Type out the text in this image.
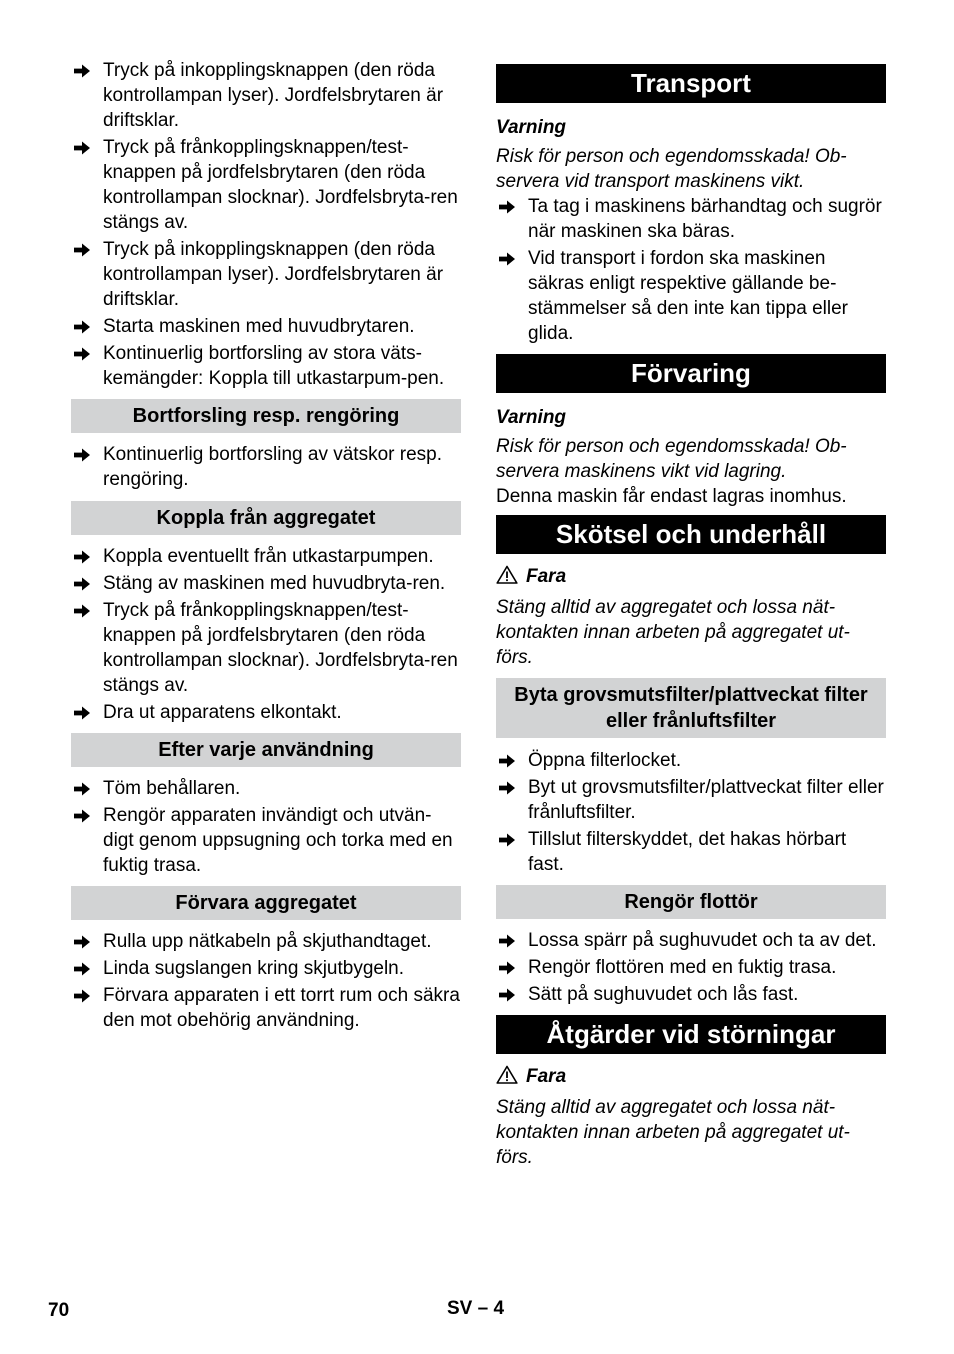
Tryck på inkopplingsknappen (den röda kontrollampan lyser). Jordfelsbrytaren är driftsklar.
Tryck på frånkopplingsknappen/test-knappen på jordfelsbrytaren (den röda kontrollampan slocknar). Jordfelsbryta-ren stängs av.
Tryck på inkopplingsknappen (den röda kontrollampan lyser). Jordfelsbrytaren är driftsklar.
Starta maskinen med huvudbrytaren.
Kontinuerlig bortforsling av stora väts-kemängder: Koppla till utkastarpum-pen.
Bortforsling resp. rengöring
Kontinuerlig bortforsling av vätskor resp. rengöring.
Koppla från aggregatet
Koppla eventuellt från utkastarpumpen.
Stäng av maskinen med huvudbryta-ren.
Tryck på frånkopplingsknappen/test-knappen på jordfelsbrytaren (den röda kontrollampan slocknar). Jordfelsbryta-ren stängs av.
Dra ut apparatens elkontakt.
Efter varje användning
Töm behållaren.
Rengör apparaten invändigt och utvän-digt genom uppsugning och torka med en fuktig trasa.
Förvara aggregatet
Rulla upp nätkabeln på skjuthandtaget.
Linda sugslangen kring skjutbygeln.
Förvara apparaten i ett torrt rum och säkra den mot obehörig användning.
Transport
Varning
Risk för person och egendomsskada! Ob-servera vid transport maskinens vikt.
Ta tag i maskinens bärhandtag och sugrör när maskinen ska bäras.
Vid transport i fordon ska maskinen säkras enligt respektive gällande be-stämmelser så den inte kan tippa eller glida.
Förvaring
Varning
Risk för person och egendomsskada! Ob-servera maskinens vikt vid lagring.
Denna maskin får endast lagras inomhus.
Skötsel och underhåll
Fara
Stäng alltid av aggregatet och lossa nät-kontakten innan arbeten på aggregatet ut-förs.
Byta grovsmutsfilter/plattveckat filter eller frånluftsfilter
Öppna filterlocket.
Byt ut grovsmutsfilter/plattveckat filter eller frånluftsfilter.
Tillslut filterskyddet, det hakas hörbart fast.
Rengör flottör
Lossa spärr på sughuvudet och ta av det.
Rengör flottören med en fuktig trasa.
Sätt på sughuvudet och lås fast.
Åtgärder vid störningar
Fara
Stäng alltid av aggregatet och lossa nät-kontakten innan arbeten på aggregatet ut-förs.
70	SV – 4
